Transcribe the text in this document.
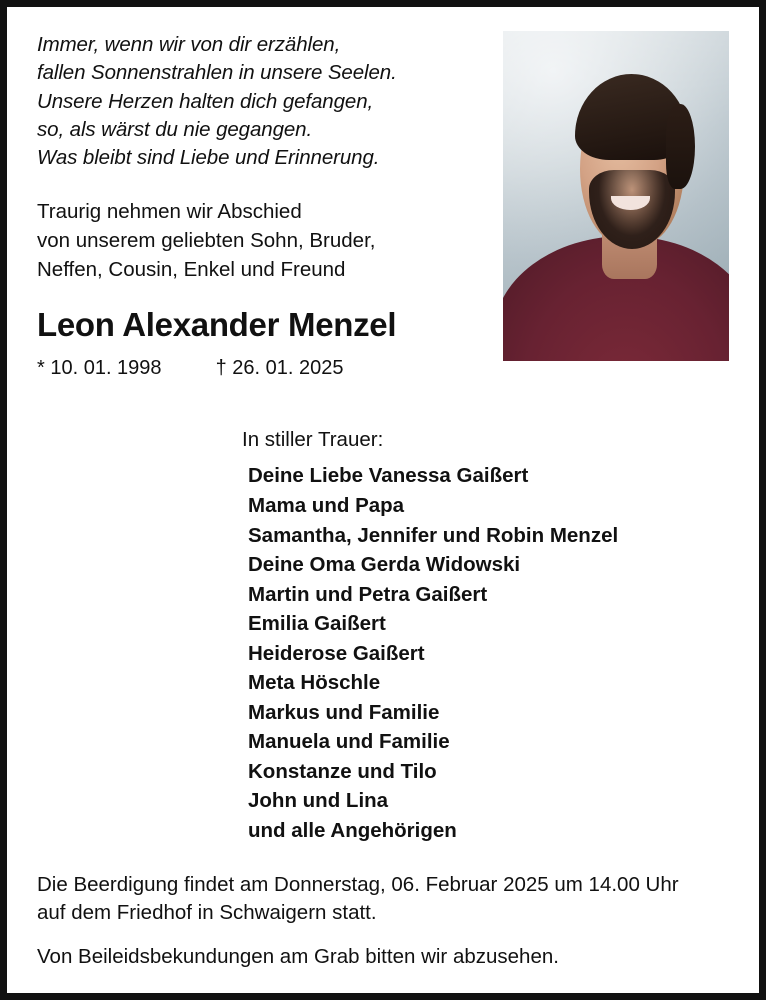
Immer, wenn wir von dir erzählen,
fallen Sonnenstrahlen in unsere Seelen.
Unsere Herzen halten dich gefangen,
so, als wärst du nie gegangen.
Was bleibt sind Liebe und Erinnerung.
Traurig nehmen wir Abschied
von unserem geliebten Sohn, Bruder,
Neffen, Cousin, Enkel und Freund
Leon Alexander Menzel
* 10. 01. 1998	† 26. 01. 2025
In stiller Trauer:
Deine Liebe Vanessa Gaißert
Mama und Papa
Samantha, Jennifer und Robin Menzel
Deine Oma Gerda Widowski
Martin und Petra Gaißert
Emilia Gaißert
Heiderose Gaißert
Meta Höschle
Markus und Familie
Manuela und Familie
Konstanze und Tilo
John und Lina
und alle Angehörigen
Die Beerdigung findet am Donnerstag, 06. Februar 2025 um 14.00 Uhr
auf dem Friedhof in Schwaigern statt.
Von Beileidsbekundungen am Grab bitten wir abzusehen.
